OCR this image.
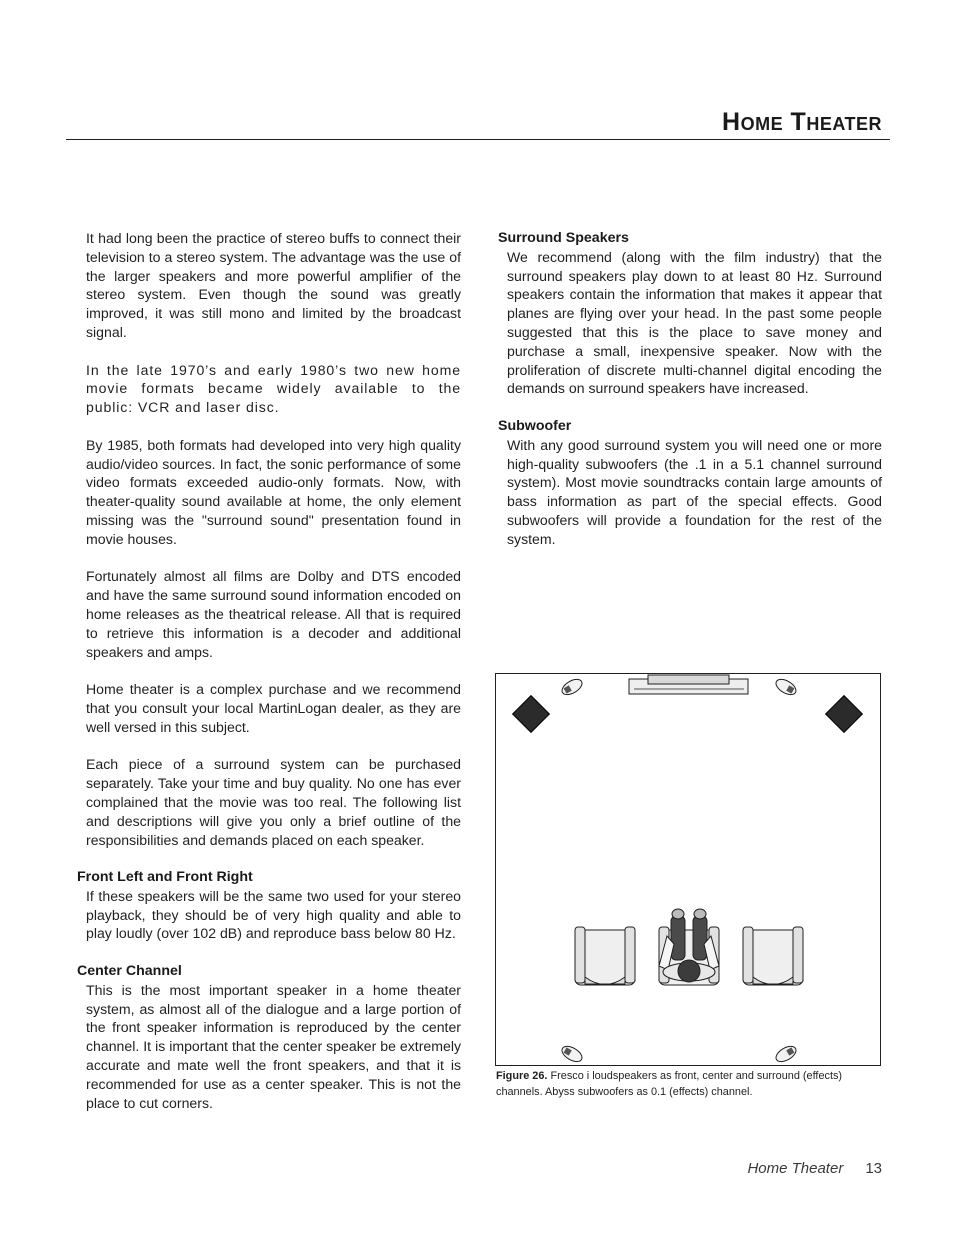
Home Theater

It had long been the practice of stereo buffs to connect their television to a stereo system. The advantage was the use of the larger speakers and more powerful amplifier of the stereo system. Even though the sound was greatly improved, it was still mono and limited by the broadcast signal.

In the late 1970’s and early 1980’s two new home movie formats became widely available to the public: VCR and laser disc.

By 1985, both formats had developed into very high quality audio/video sources. In fact, the sonic performance of some video formats exceeded audio-only formats. Now, with theater-quality sound available at home, the only element missing was the "surround sound" presentation found in movie houses.

Fortunately almost all films are Dolby and DTS encoded and have the same surround sound information encoded on home releases as the theatrical release. All that is required to retrieve this information is a decoder and additional speakers and amps.

Home theater is a complex purchase and we recommend that you consult your local MartinLogan dealer, as they are well versed in this subject.

Each piece of a surround system can be purchased separately. Take your time and buy quality. No one has ever complained that the movie was too real. The following list and descriptions will give you only a brief outline of the responsibilities and demands placed on each speaker.

Front Left and Front Right

If these speakers will be the same two used for your stereo playback, they should be of very high quality and able to play loudly (over 102 dB) and reproduce bass below 80 Hz.

Center Channel

This is the most important speaker in a home theater system, as almost all of the dialogue and a large portion of the front speaker information is reproduced by the center channel. It is important that the center speaker be extremely accurate and mate well the front speakers, and that it is recommended for use as a center speaker. This is not the place to cut corners.

Surround Speakers

We recommend (along with the film industry) that the surround speakers play down to at least 80 Hz. Surround speakers contain the information that makes it appear that planes are flying over your head. In the past some people suggested that this is the place to save money and purchase a small, inexpensive speaker. Now with the proliferation of discrete multi-channel digital encoding the demands on surround speakers have increased.

Subwoofer

With any good surround system you will need one or more high-quality subwoofers (the .1 in a 5.1 channel surround system). Most movie soundtracks contain large amounts of bass information as part of the special effects. Good subwoofers will provide a foundation for the rest of the system.

Figure 26. Fresco i loudspeakers as front, center and surround (effects) channels. Abyss subwoofers as 0.1 (effects) channel.
Home Theater 13
